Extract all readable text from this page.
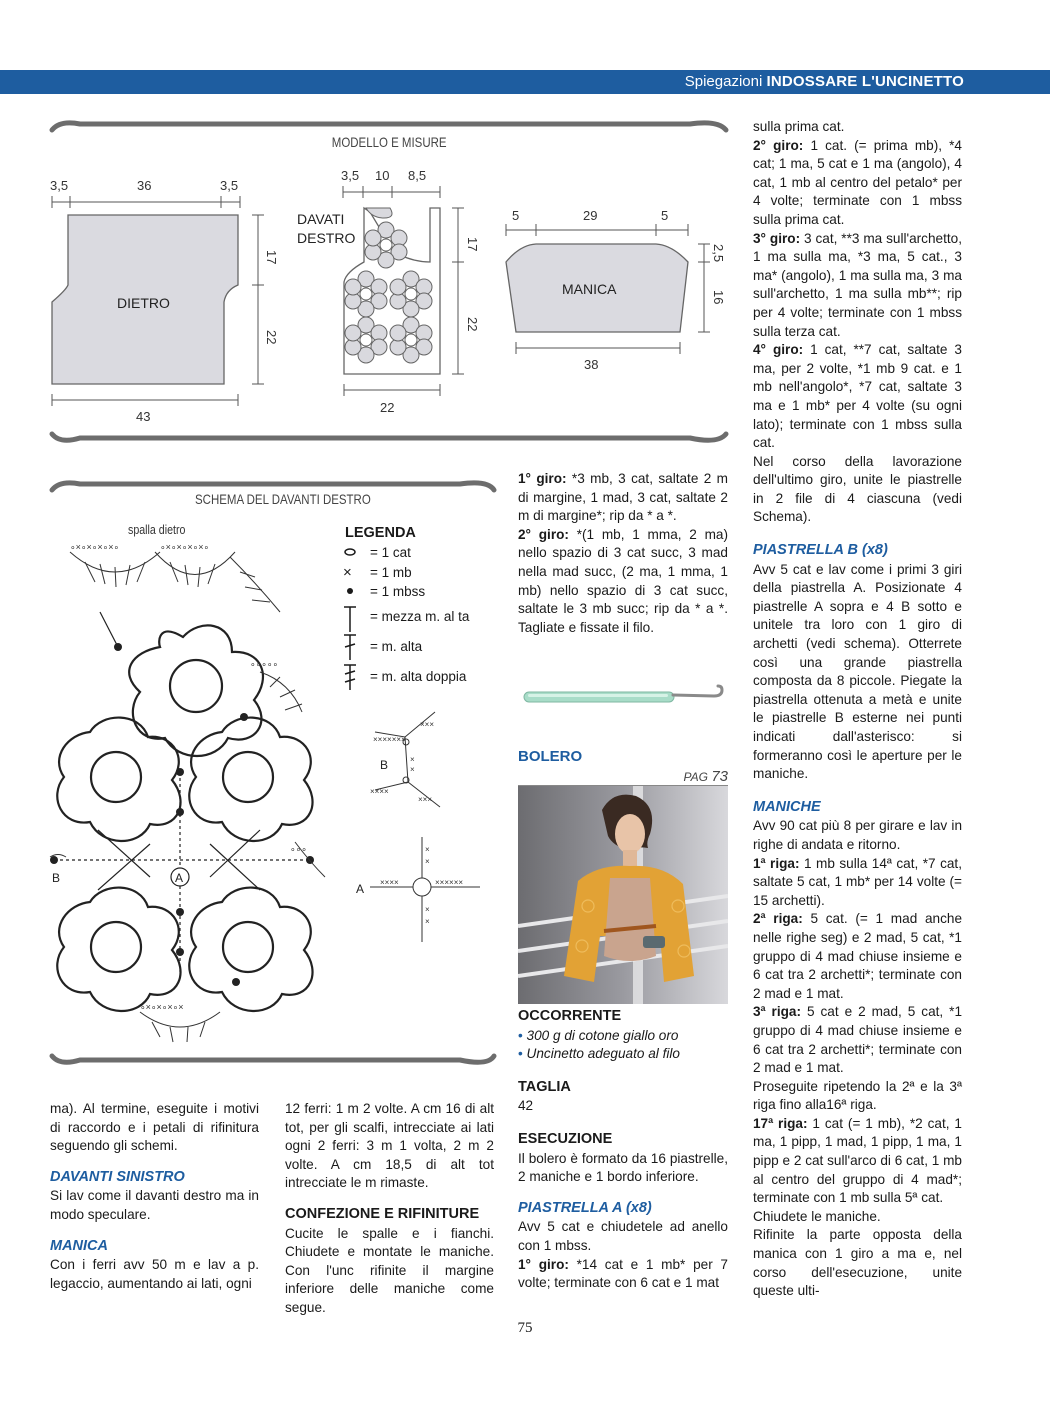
Spiegazioni INDOSSARE L'UNCINETTO
MODELLO E MISURE
DIETRO
3,5	36	3,5
17
22
43
3,5 10 8,5
DAVATI
DESTRO	17
22
22
5	29	5
MANICA
2,5
16
38
SCHEMA DEL DAVANTI DESTRO
spalla dietro
A
B
∘×∘×∘×∘×∘	∘×∘×∘×∘×∘
∘∘∘∘∘
∘∘∘
∘×∘×∘×∘×
LEGENDA
= 1 cat
× = 1 mb
= 1 mbss
= mezza m. al ta
= m. alta
= m. alta doppia
×××××××
×××
×
×
××××
×××
B
×
×
×
×
××××××
××××
A

ma). Al termine, eseguite i motivi di raccordo e i petali di rifinitura seguendo gli schemi.

DAVANTI SINISTRO

Si lav come il davanti destro ma in modo speculare.

MANICA

Con i ferri avv 50 m e lav a p. legaccio, aumentando ai lati, ogni

12 ferri: 1 m 2 volte. A cm 16 di alt tot, per gli scalfi, intrecciate ai lati ogni 2 ferri: 3 m 1 volta, 2 m 2 volte. A cm 18,5 di alt tot intrecciate le m rimaste.

CONFEZIONE E RIFINITURE

Cucite le spalle e i fianchi. Chiudete e montate le maniche. Con l'unc rifinite il margine inferiore delle maniche come segue.

1° giro: *3 mb, 3 cat, saltate 2 m di margine, 1 mad, 3 cat, saltate 2 m di margine*; rip da * a *.

2° giro: *(1 mb, 1 mma, 2 ma) nello spazio di 3 cat succ, 3 mad nella mad succ, (2 ma, 1 mma, 1 mb) nello spazio di 3 cat succ, saltate le 3 mb succ; rip da * a *. Tagliate e fissate il filo.

BOLERO
PAG 73
OCCORRENTE

• 300 g di cotone giallo oro

• Uncinetto adeguato al filo

TAGLIA

42

ESECUZIONE

Il bolero è formato da 16 piastrelle, 2 maniche e 1 bordo inferiore.

PIASTRELLA A (x8)

Avv 5 cat e chiudetele ad anello con 1 mbss.

1° giro: *14 cat e 1 mb* per 7 volte; terminate con 6 cat e 1 mat

sulla prima cat.

2° giro: 1 cat. (= prima mb), *4 cat; 1 ma, 5 cat e 1 ma (angolo), 4 cat, 1 mb al centro del petalo* per 4 volte; terminate con 1 mbss sulla prima cat.

3° giro: 3 cat, **3 ma sull'archetto, 1 ma sulla ma, *3 ma, 5 cat., 3 ma* (angolo), 1 ma sulla ma, 3 ma sull'archetto, 1 ma sulla mb**; rip per 4 volte; terminate con 1 mbss sulla terza cat.

4° giro: 1 cat, **7 cat, saltate 3 ma, per 2 volte, *1 mb 9 cat. e 1 mb nell'angolo*, *7 cat, saltate 3 ma e 1 mb* per 4 volte (su ogni lato); terminate con 1 mbss sulla cat.

Nel corso della lavorazione dell'ultimo giro, unite le piastrelle in 2 file di 4 ciascuna (vedi Schema).

PIASTRELLA B (x8)

Avv 5 cat e lav come i primi 3 giri della piastrella A. Posizionate 4 piastrelle A sopra e 4 B sotto e unitele tra loro con 1 giro di archetti (vedi schema). Otterrete così una grande piastrella composta da 8 piccole. Piegate la piastrella ottenuta a metà e unite le piastrelle B esterne nei punti indicati dall'asterisco: si formeranno così le aperture per le maniche.

MANICHE

Avv 90 cat più 8 per girare e lav in righe di andata e ritorno.

1ª riga: 1 mb sulla 14ª cat, *7 cat, saltate 5 cat, 1 mb* per 14 volte (= 15 archetti).

2ª riga: 5 cat. (= 1 mad anche nelle righe seg) e 2 mad, 5 cat, *1 gruppo di 4 mad chiuse insieme e 6 cat tra 2 archetti*; terminate con 2 mad e 1 mat.

3ª riga: 5 cat e 2 mad, 5 cat, *1 gruppo di 4 mad chiuse insieme e 6 cat tra 2 archetti*; terminate con 2 mad e 1 mat.

Proseguite ripetendo la 2ª e la 3ª riga fino alla16ª riga.

17ª riga: 1 cat (= 1 mb), *2 cat, 1 ma, 1 pipp, 1 mad, 1 pipp, 1 ma, 1 pipp e 2 cat sull'arco di 6 cat, 1 mb al centro del gruppo di 4 mad*; terminate con 1 mb sulla 5ª cat.

Chiudete le maniche.

Rifinite la parte opposta della manica con 1 giro a ma e, nel corso dell'esecuzione, unite queste ulti-

75
